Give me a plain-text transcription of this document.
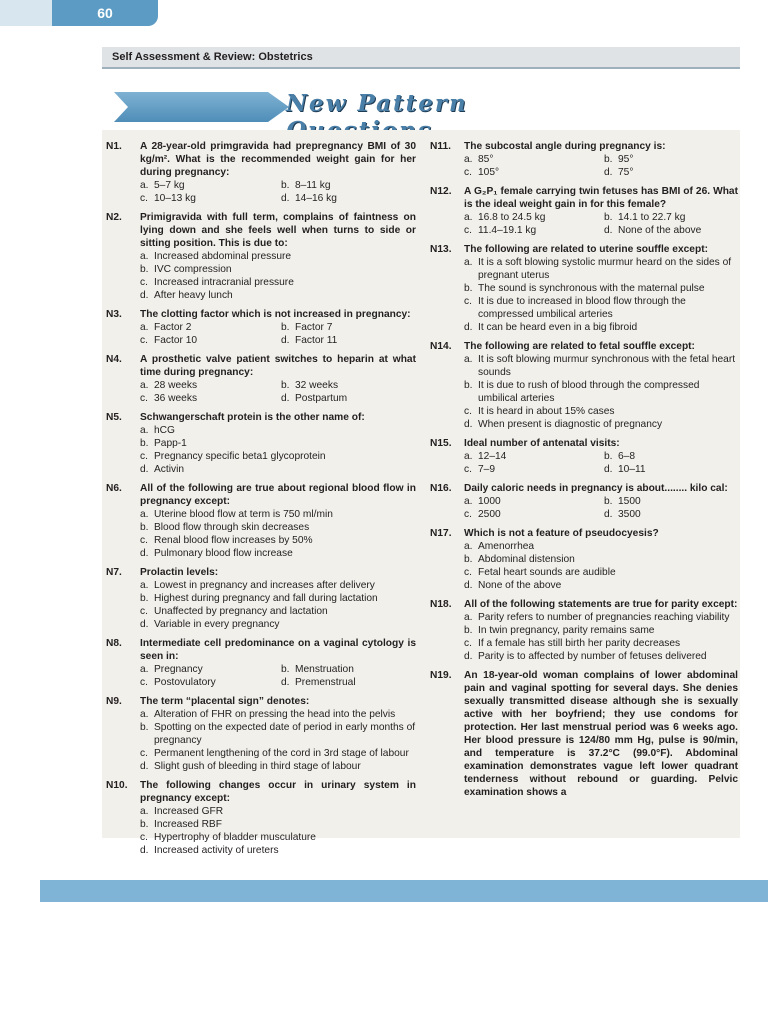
60
Self Assessment & Review: Obstetrics
New Pattern
N1. A 28-year-old primgravida had prepregnancy BMI of 30 kg/m². What is the recommended weight gain for her during pregnancy:
a. 5–7 kg	b. 8–11 kg
c. 10–13 kg	d. 14–16 kg
N2. Primigravida with full term, complains of faintness on lying down and she feels well when turns to side or sitting position. This is due to:
a. Increased abdominal pressure
b. IVC compression
c. Increased intracranial pressure
d. After heavy lunch
N3. The clotting factor which is not increased in pregnancy:
a. Factor 2	b. Factor 7
c. Factor 10	d. Factor 11
N4. A prosthetic valve patient switches to heparin at what time during pregnancy:
a. 28 weeks	b. 32 weeks
c. 36 weeks	d. Postpartum
N5. Schwangerschaft protein is the other name of:
a. hCG
b. Papp-1
c. Pregnancy specific beta1 glycoprotein
d. Activin
N6. All of the following are true about regional blood flow in pregnancy except:
a. Uterine blood flow at term is 750 ml/min
b. Blood flow through skin decreases
c. Renal blood flow increases by 50%
d. Pulmonary blood flow increase
N7. Prolactin levels:
a. Lowest in pregnancy and increases after delivery
b. Highest during pregnancy and fall during lactation
c. Unaffected by pregnancy and lactation
d. Variable in every pregnancy
N8. Intermediate cell predominance on a vaginal cytology is seen in:
a. Pregnancy	b. Menstruation
c. Postovulatory	d. Premenstrual
N9. The term “placental sign” denotes:
a. Alteration of FHR on pressing the head into the pelvis
b. Spotting on the expected date of period in early months of pregnancy
c. Permanent lengthening of the cord in 3rd stage of labour
d. Slight gush of bleeding in third stage of labour
N10. The following changes occur in urinary system in pregnancy except:
a. Increased GFR
b. Increased RBF
c. Hypertrophy of bladder musculature
d. Increased activity of ureters
N11. The subcostal angle during pregnancy is:
a. 85°	b. 95°
c. 105°	d. 75°
N12. A G₂P₁ female carrying twin fetuses has BMI of 26. What is the ideal weight gain in for this female?
a. 16.8 to 24.5 kg	b. 14.1 to 22.7 kg
c. 11.4–19.1 kg	d. None of the above
N13. The following are related to uterine souffle except:
a. It is a soft blowing systolic murmur heard on the sides of pregnant uterus
b. The sound is synchronous with the maternal pulse
c. It is due to increased in blood flow through the compressed umbilical arteries
d. It can be heard even in a big fibroid
N14. The following are related to fetal souffle except:
a. It is soft blowing murmur synchronous with the fetal heart sounds
b. It is due to rush of blood through the compressed umbilical arteries
c. It is heard in about 15% cases
d. When present is diagnostic of pregnancy
N15. Ideal number of antenatal visits:
a. 12–14	b. 6–8
c. 7–9	d. 10–11
N16. Daily caloric needs in pregnancy is about........ kilo cal:
a. 1000	b. 1500
c. 2500	d. 3500
N17. Which is not a feature of pseudocyesis?
a. Amenorrhea
b. Abdominal distension
c. Fetal heart sounds are audible
d. None of the above
N18. All of the following statements are true for parity except:
a. Parity refers to number of pregnancies reaching viability
b. In twin pregnancy, parity remains same
c. If a female has still birth her parity decreases
d. Parity is to affected by number of fetuses delivered
N19. An 18-year-old woman complains of lower abdominal pain and vaginal spotting for several days. She denies sexually transmitted disease although she is sexually active with her boyfriend; they use condoms for protection. Her last menstrual period was 6 weeks ago. Her blood pressure is 124/80 mm Hg, pulse is 90/min, and temperature is 37.2°C (99.0°F). Abdominal examination demonstrates vague left lower quadrant tenderness without rebound or guarding. Pelvic examination shows a
